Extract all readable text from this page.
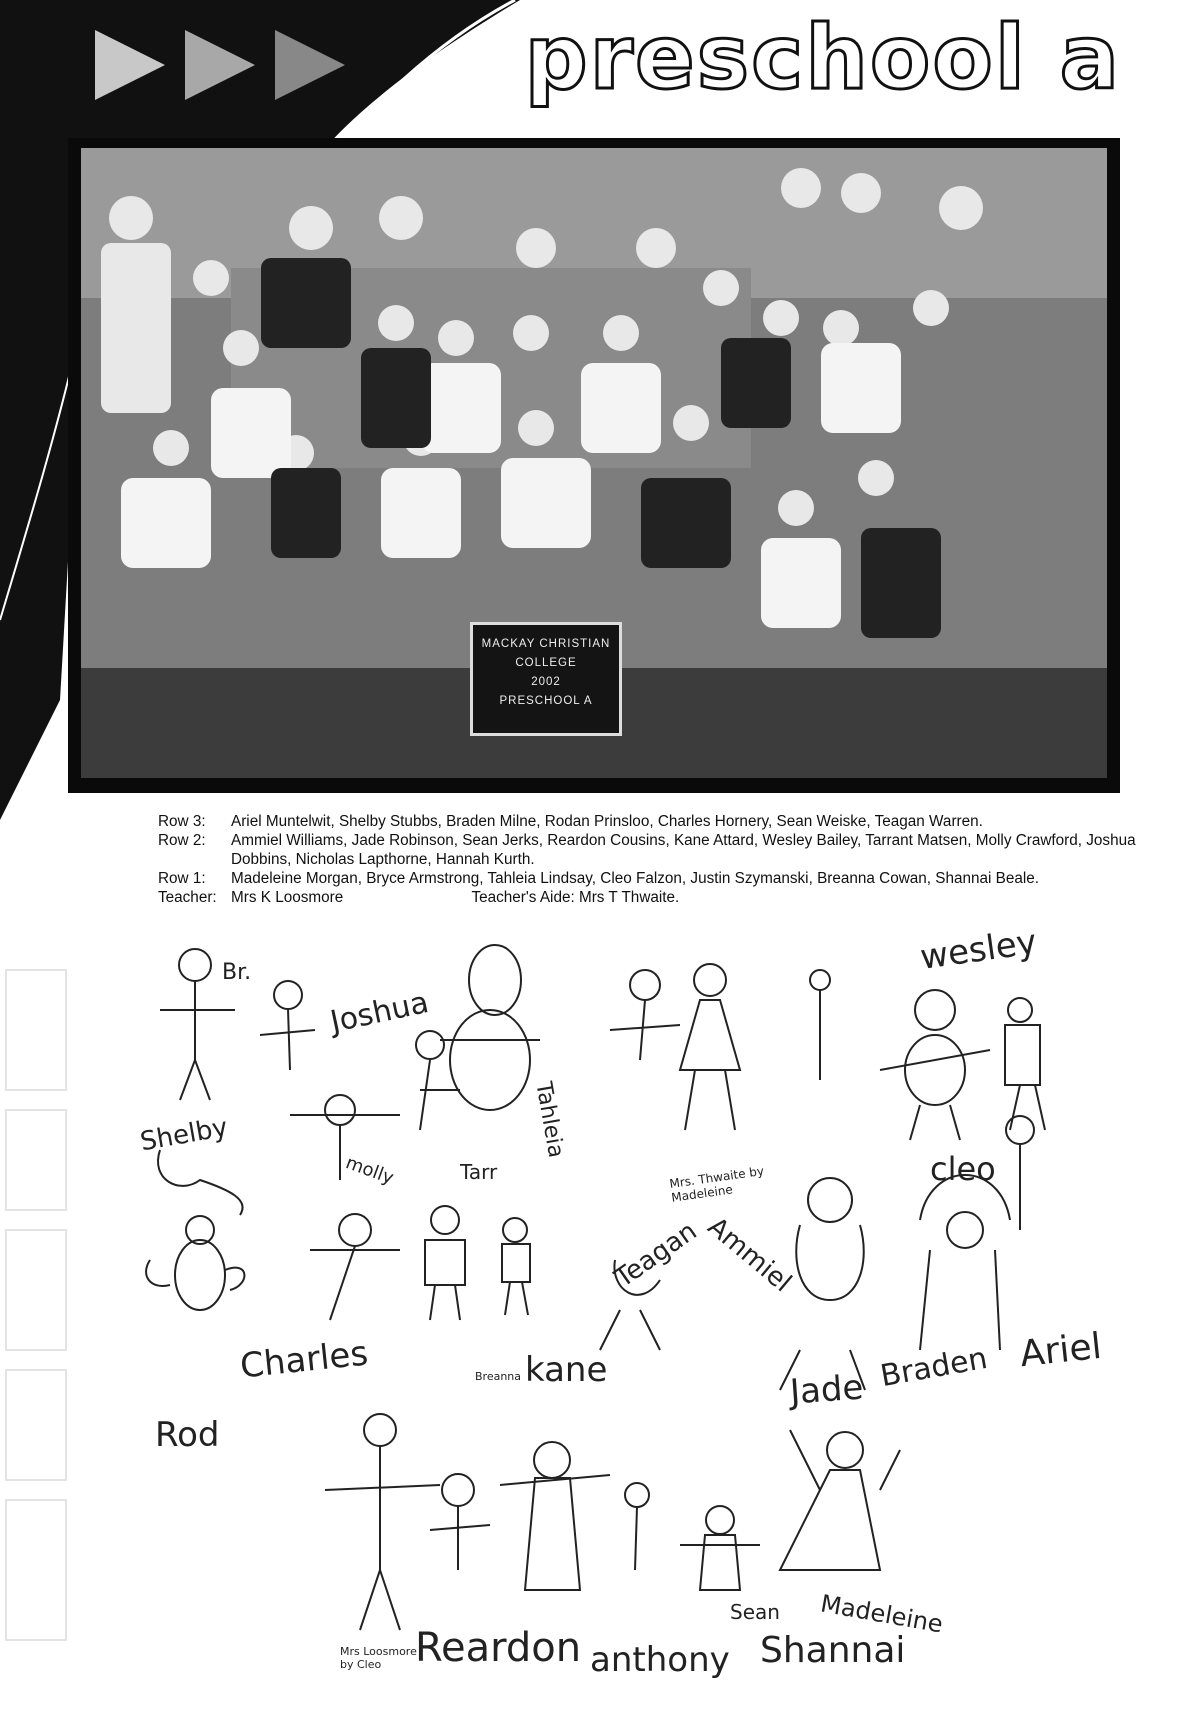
preschool a
MACKAY CHRISTIAN
COLLEGE
2002
PRESCHOOL A
Row 3:	Ariel Muntelwit, Shelby Stubbs, Braden Milne, Rodan Prinsloo, Charles Hornery, Sean Weiske, Teagan Warren.
Row 2:	Ammiel Williams, Jade Robinson, Sean Jerks, Reardon Cousins, Kane Attard, Wesley Bailey, Tarrant Matsen, Molly Crawford, Joshua Dobbins, Nicholas Lapthorne, Hannah Kurth.
Row 1:	Madeleine Morgan, Bryce Armstrong, Tahleia Lindsay, Cleo Falzon, Justin Szymanski, Breanna Cowan, Shannai Beale.
Teacher: Mrs K Loosmore	Teacher's Aide: Mrs T Thwaite.
Br.
Joshua
wesley
Shelby
molly	Tarr
Tahleia
Mrs. Thwaite by Madeleine
cleo
Teagan Ammiel
Charles	Breanna kane
Rod
Jade Braden Ariel
Madeleine
Mrs Loosmore by Cleo Reardon anthony Shannai
Sean
